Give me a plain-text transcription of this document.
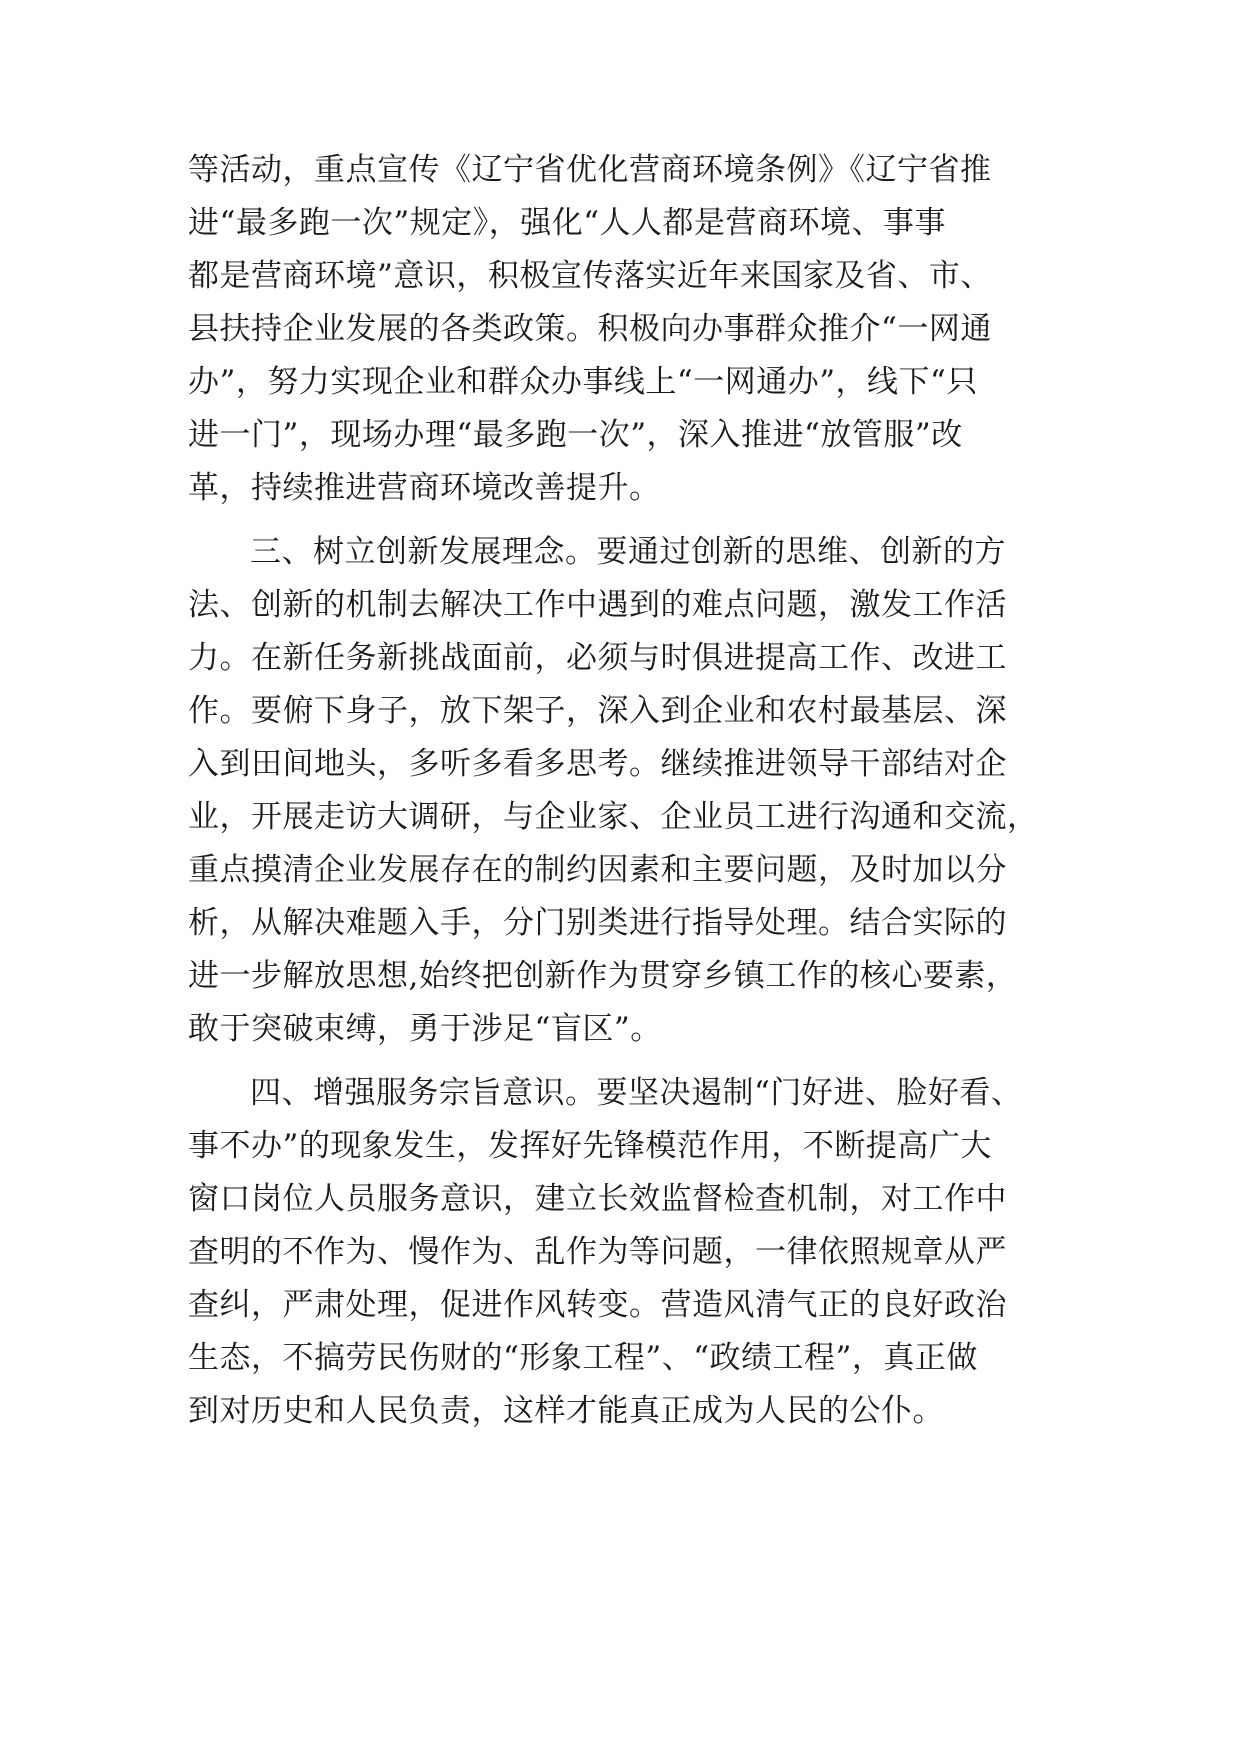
等活动，重点宣传《辽宁省优化营商环境条例》《辽宁省推
进“最多跑一次”规定》，强化“人人都是营商环境、事事
都是营商环境”意识，积极宣传落实近年来国家及省、市、
县扶持企业发展的各类政策。积极向办事群众推介“一网通
办”，努力实现企业和群众办事线上“一网通办”，线下“只
进一门”，现场办理“最多跑一次”，深入推进“放管服”改
革，持续推进营商环境改善提升。
三、树立创新发展理念。要通过创新的思维、创新的方
法、创新的机制去解决工作中遇到的难点问题，激发工作活
力。在新任务新挑战面前，必须与时俱进提高工作、改进工
作。要俯下身子，放下架子，深入到企业和农村最基层、深
入到田间地头，多听多看多思考。继续推进领导干部结对企
业，开展走访大调研，与企业家、企业员工进行沟通和交流，
重点摸清企业发展存在的制约因素和主要问题，及时加以分
析，从解决难题入手，分门别类进行指导处理。结合实际的
进一步解放思想,始终把创新作为贯穿乡镇工作的核心要素，
敢于突破束缚，勇于涉足“盲区”。
四、增强服务宗旨意识。要坚决遏制“门好进、脸好看、
事不办”的现象发生，发挥好先锋模范作用，不断提高广大
窗口岗位人员服务意识，建立长效监督检查机制，对工作中
查明的不作为、慢作为、乱作为等问题，一律依照规章从严
查纠，严肃处理，促进作风转变。营造风清气正的良好政治
生态，不搞劳民伤财的“形象工程”、“政绩工程”，真正做
到对历史和人民负责，这样才能真正成为人民的公仆。
